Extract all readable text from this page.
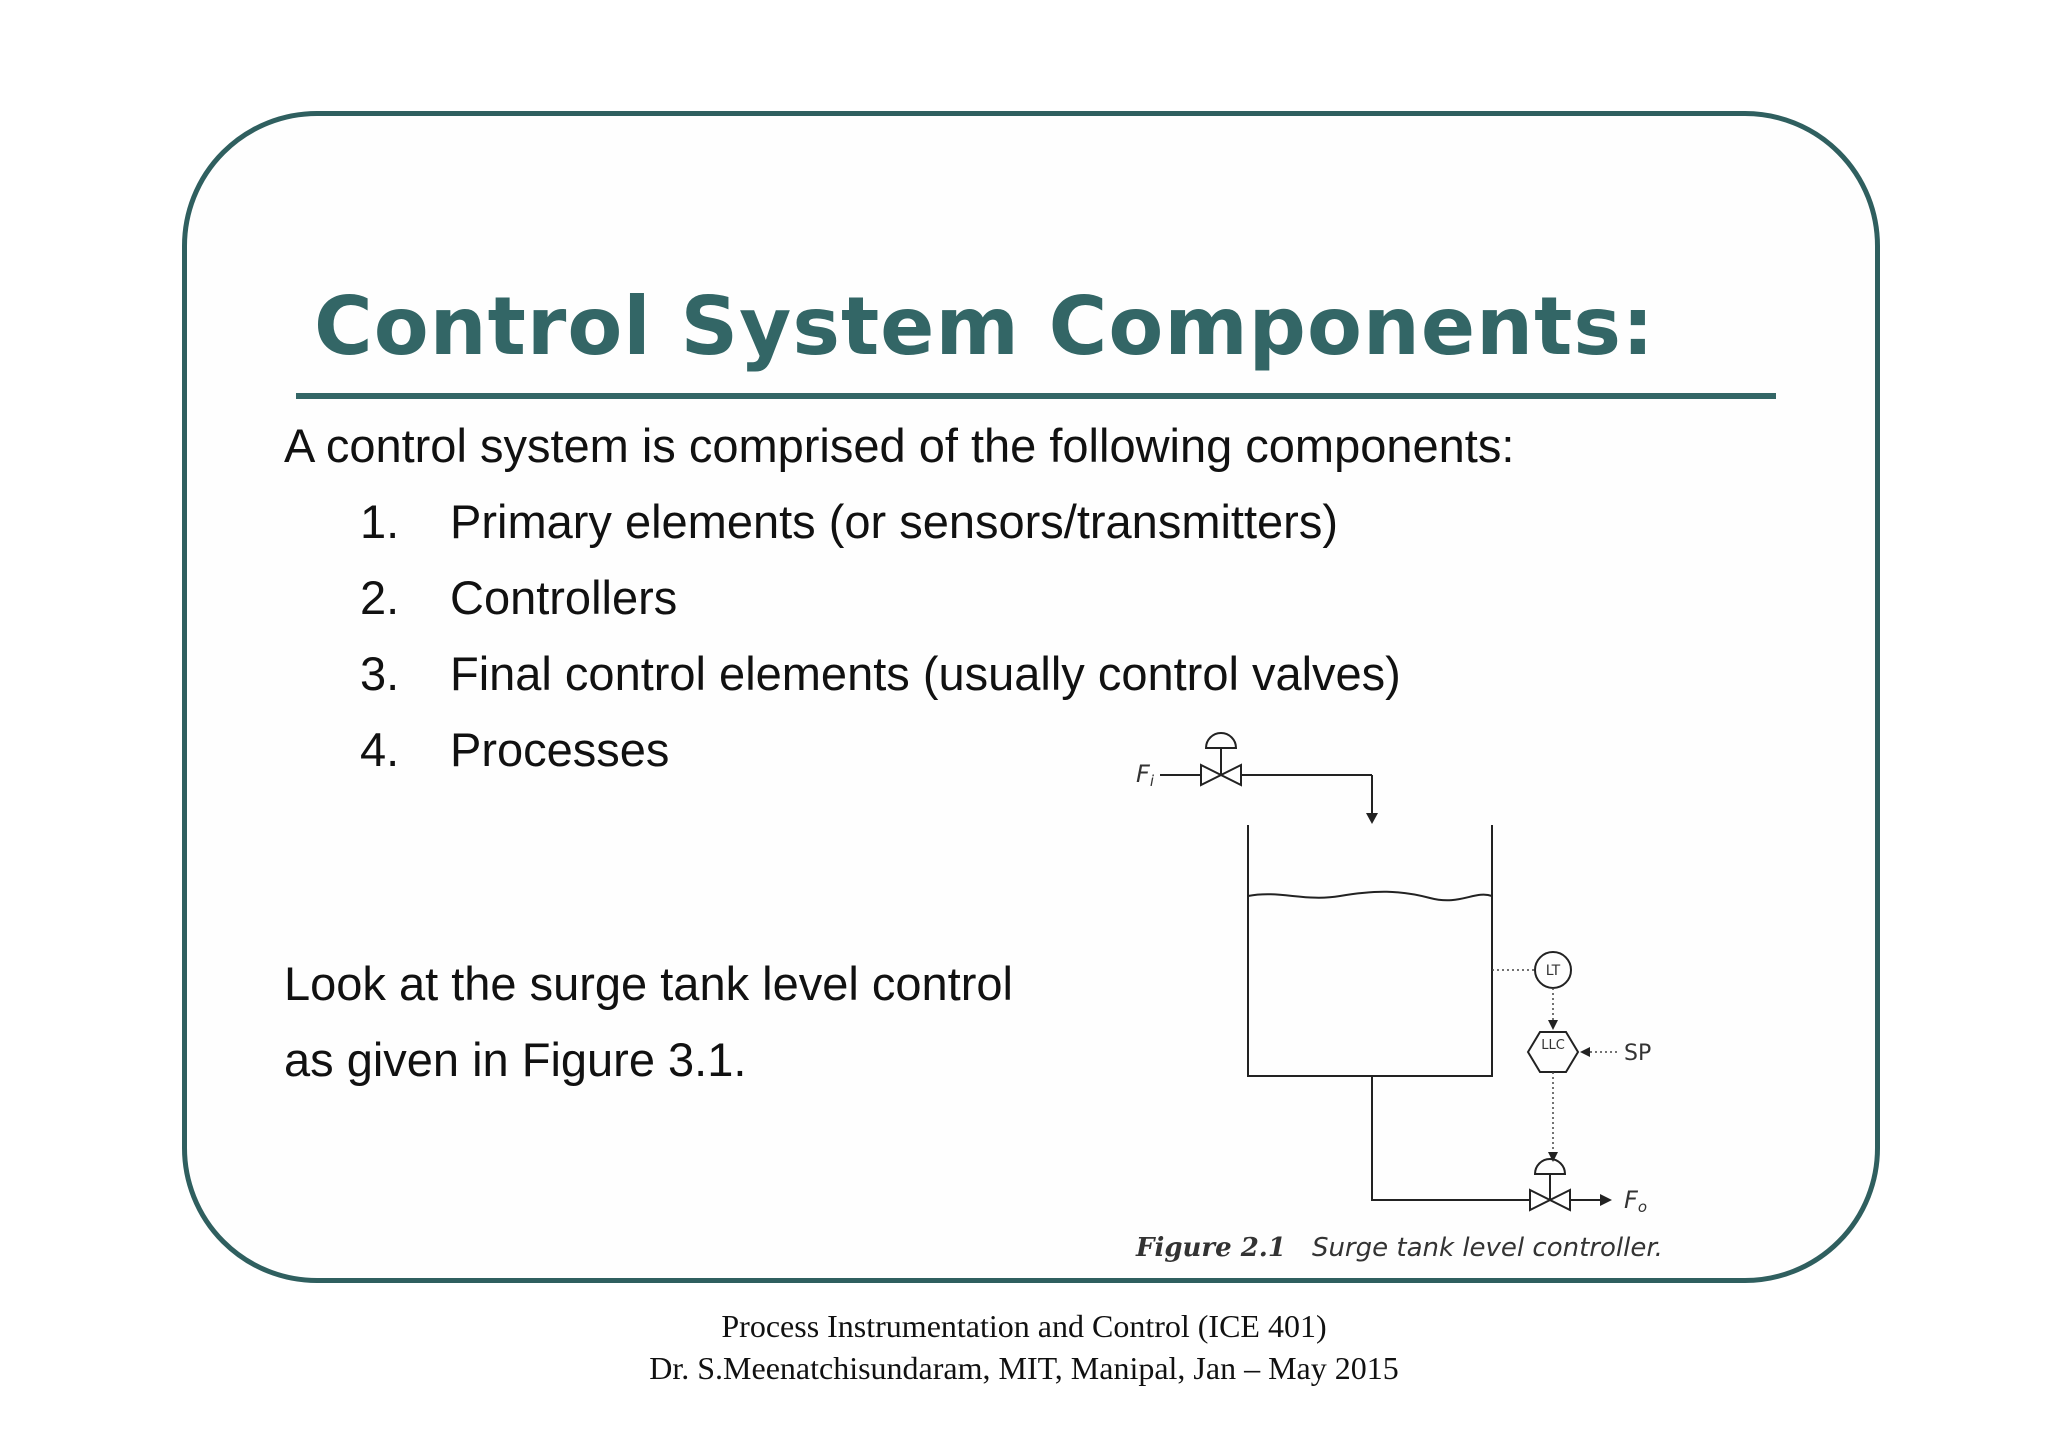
Control System Components:
A control system is comprised of the following components:
1.	Primary elements (or sensors/transmitters)
2.	Controllers
3.	Final control elements (usually control valves)
4.	Processes
Look at the surge tank level control
as given in Figure 3.1.
Fi
Fo
LT
LLC	SP
Figure 2.1 Surge tank level controller.
Process Instrumentation and Control (ICE 401)
Dr. S.Meenatchisundaram, MIT, Manipal, Jan – May 2015
